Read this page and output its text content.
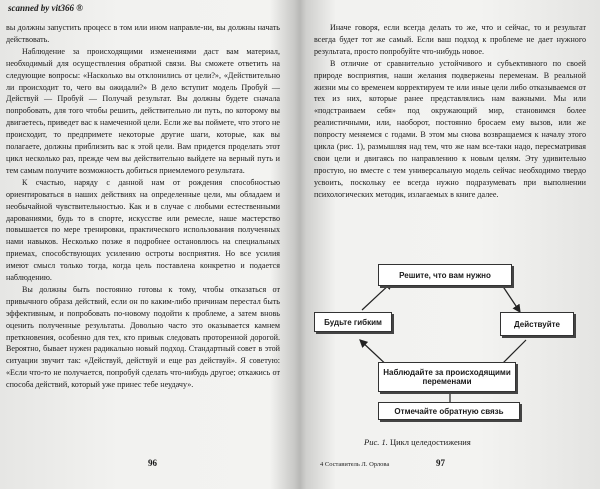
scanned by vit366 ®

вы должны запустить процесс в том или ином направле-ни, вы должны начать действовать.

Наблюдение за происходящими изменениями даст вам материал, необходимый для осуществления обратной связи. Вы сможете ответить на следующие вопросы: «Насколько вы отклонились от цели?», «Действительно ли происходит то, чего вы ожидали?» В дело вступит модель Пробуй — Действуй — Пробуй — Получай результат. Вы должны будете сначала попробовать, для того чтобы решить, действительно ли путь, по которому вы двигаетесь, приведет вас к намеченной цели. Если же вы поймете, что этого не происходит, то предпримете некоторые другие шаги, которые, как вы полагаете, должны приблизить вас к этой цели. Вам придется проделать этот цикл несколько раз, прежде чем вы действительно выйдете на верный путь и тем самым получите возможность добиться приемлемого результата.

К счастью, наряду с данной нам от рождения способностью ориентироваться в наших действиях на определенные цели, мы обладаем и необычайной чувствительностью. Как и в случае с любыми естественными дарованиями, будь то в спорте, искусстве или ремесле, наше мастерство повышается по мере тренировки, практического использования полученных нами навыков. Несколько позже я подробнее остановлюсь на специальных приемах, способствующих усилению остроты восприятия. Но все усилия имеют смысл только тогда, когда цель поставлена конкретно и подается наблюдению.

Вы должны быть постоянно готовы к тому, чтобы отказаться от привычного образа действий, если он по каким-либо причинам перестал быть эффективным, и попробовать по-новому подойти к проблеме, а затем вновь оценить полученные результаты. Довольно часто это оказывается камнем преткновения, особенно для тех, кто привык следовать проторенной дорогой. Вероятно, бывает нужен радикально новый подход. Стандартный совет в этой ситуации звучит так: «Действуй, действуй и еще раз действуй». Я советую: «Если что-то не получается, попробуй сделать что-нибудь другое; откажись от способа действий, который уже принес тебе неудачу».

96

Иначе говоря, если всегда делать то же, что и сейчас, то и результат всегда будет тот же самый. Если ваш подход к проблеме не дает нужного результата, просто попробуйте что-нибудь новое.

В отличие от сравнительно устойчивого и субъективного по своей природе восприятия, наши желания подвержены переменам. В реальной жизни мы со временем корректируем те или иные цели либо отказываемся от тех из них, которые ранее представлялись нам важными. Мы или «подстраиваем себя» под окружающий мир, становимся более реалистичными, или, наоборот, постоянно бросаем ему вызов, или же попросту меняемся с годами. В этом мы снова возвращаемся к началу этого цикла (рис. 1), размышляя над тем, что же нам все-таки надо, пересматривая свои цели и двигаясь по направлению к новым целям. Эту удивительно простую, но вместе с тем универсальную модель сейчас необходимо твердо усвоить, поскольку ее всегда нужно подразумевать при выполнении психологических методик, излагаемых в книге далее.

Решите, что вам нужно
Будьте гибким	Действуйте
Наблюдайте за происходящими переменами
Отмечайте обратную связь
Рис. 1. Цикл целедостижения
4 Составитель Л. Орлова	97
